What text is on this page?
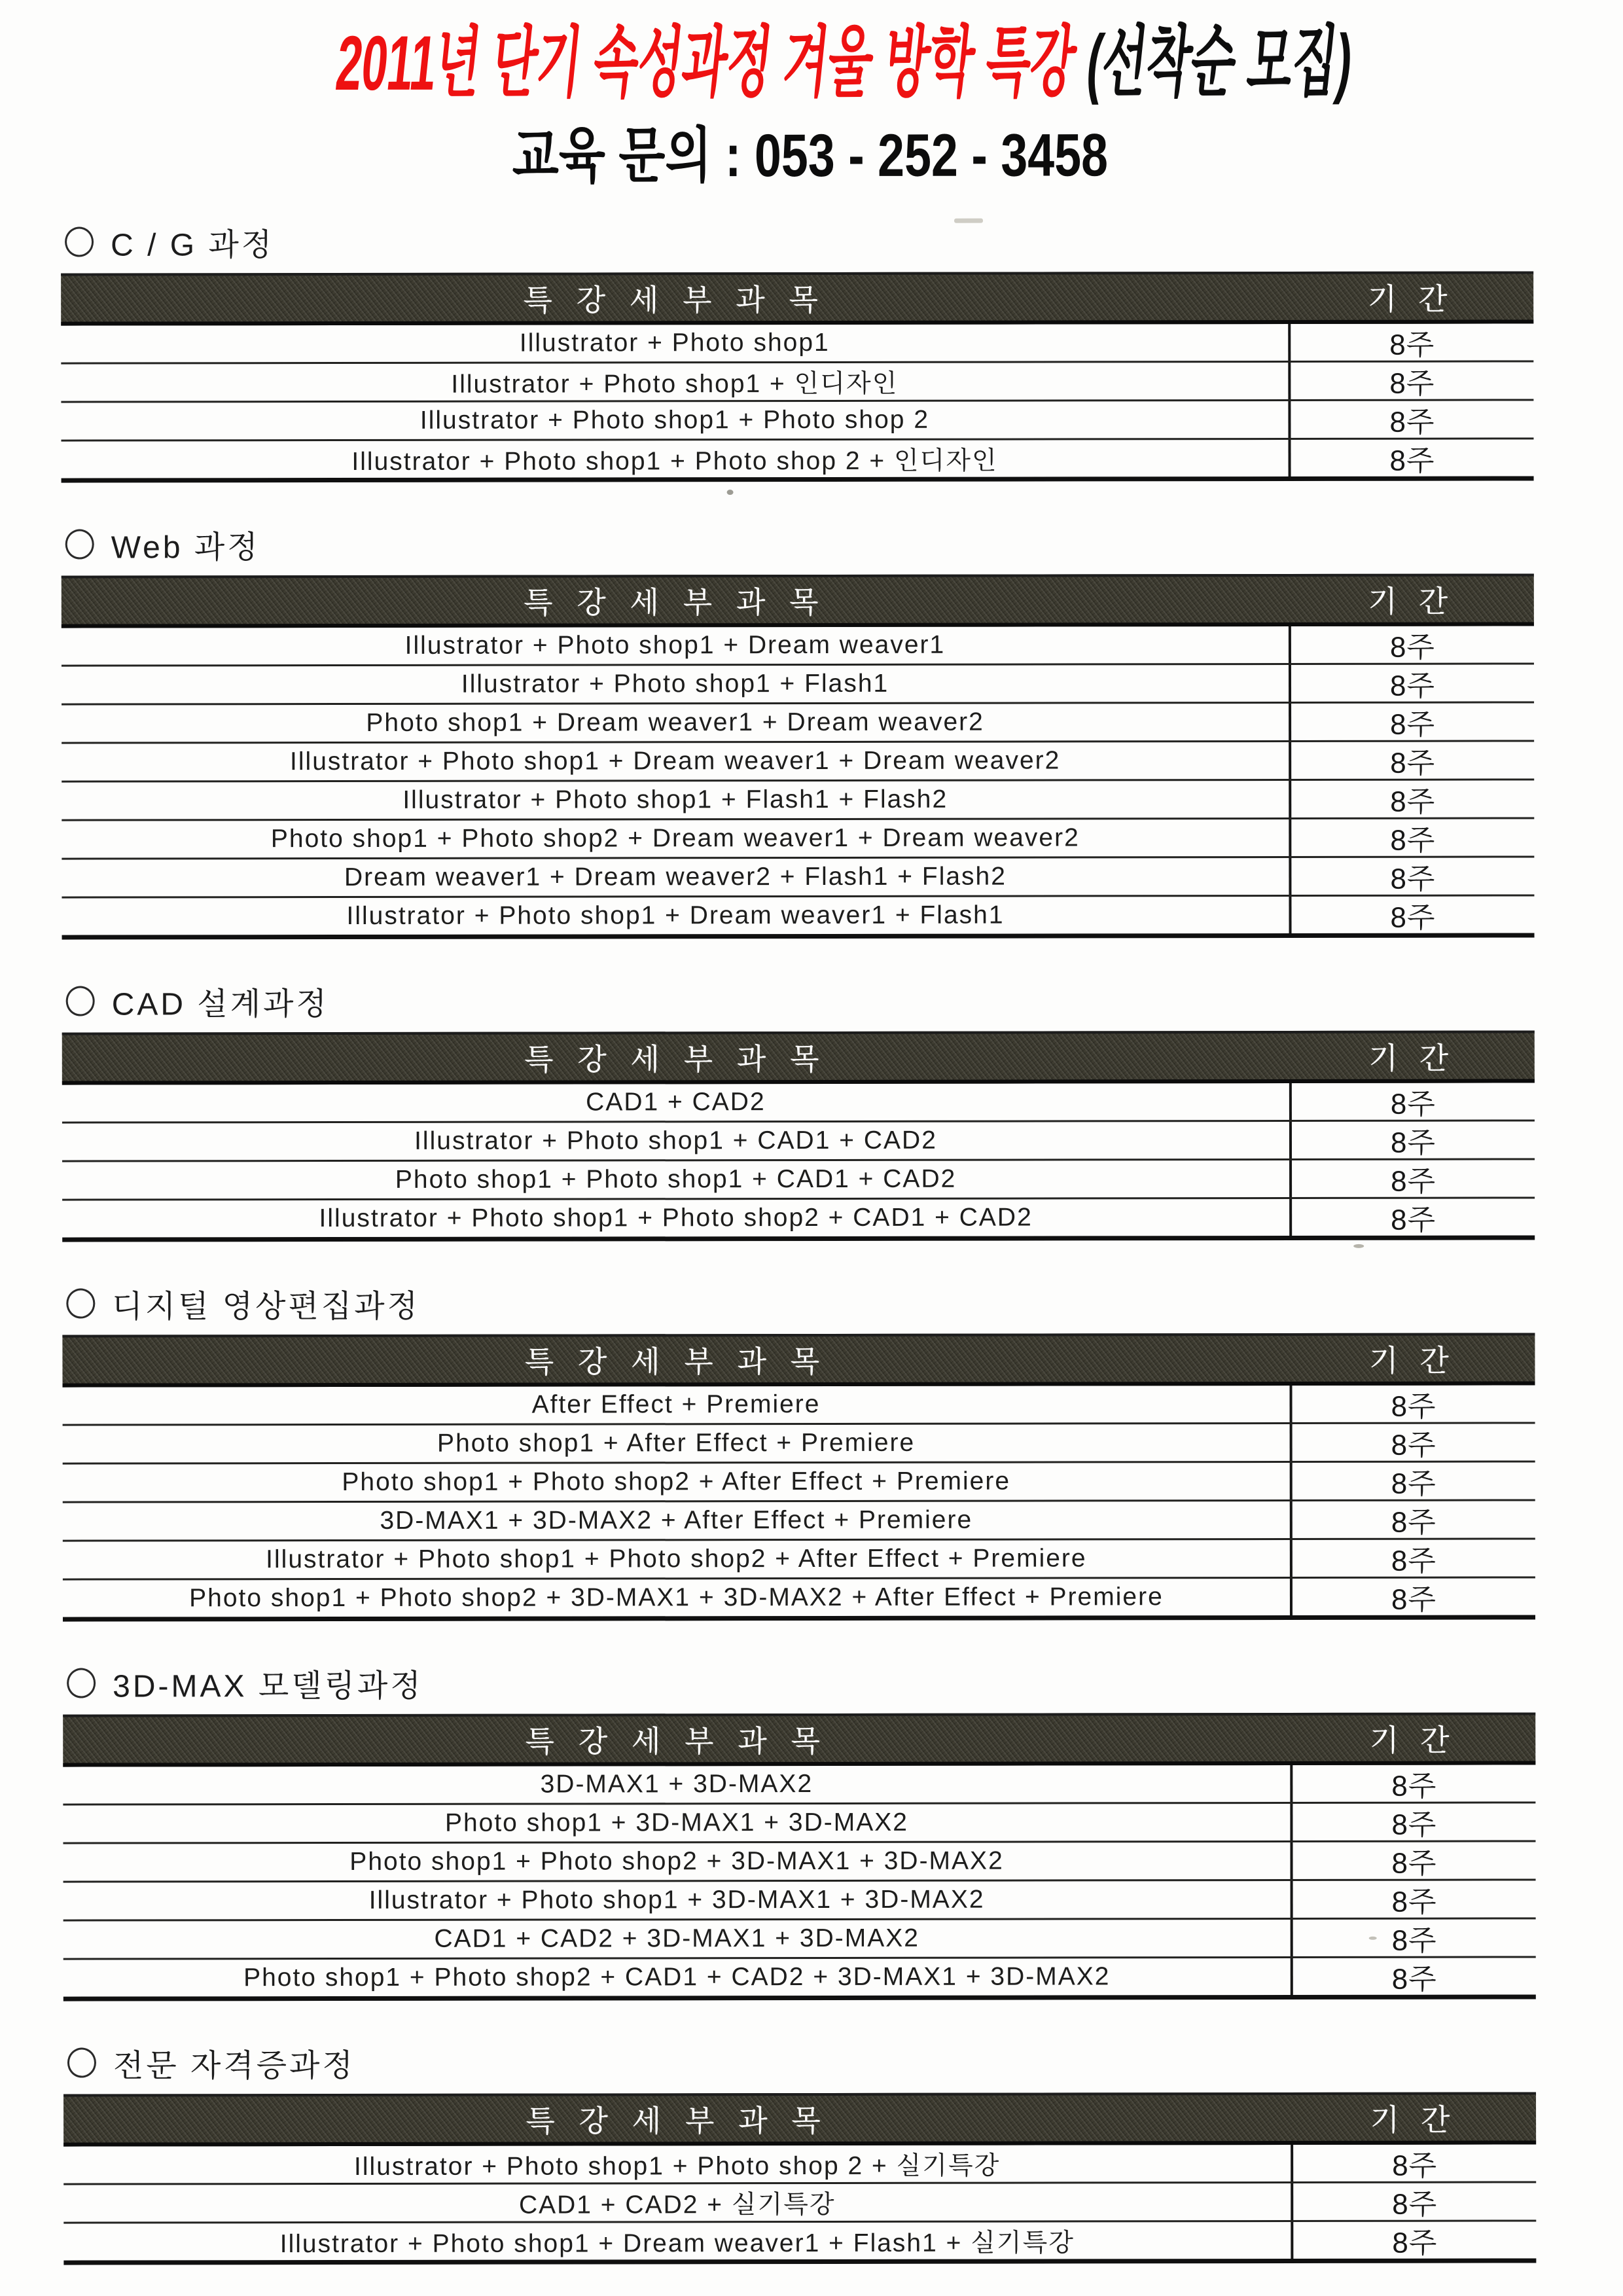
2011년 단기 속성과정 겨울 방학 특강 (선착순 모집)
교육 문의 : 053 - 252 - 3458
C / G 과정
특 강 세 부 과 목	기 간
Illustrator + Photo shop1	8주
Illustrator + Photo shop1 + 인디자인	8주
Illustrator + Photo shop1 + Photo shop 2	8주
Illustrator + Photo shop1 + Photo shop 2 + 인디자인	8주
Web 과정
특 강 세 부 과 목	기 간
Illustrator + Photo shop1 + Dream weaver1	8주
Illustrator + Photo shop1 + Flash1	8주
Photo shop1 + Dream weaver1 + Dream weaver2	8주
Illustrator + Photo shop1 + Dream weaver1 + Dream weaver2	8주
Illustrator + Photo shop1 + Flash1 + Flash2	8주
Photo shop1 + Photo shop2 + Dream weaver1 + Dream weaver2	8주
Dream weaver1 + Dream weaver2 + Flash1 + Flash2	8주
Illustrator + Photo shop1 + Dream weaver1 + Flash1	8주
CAD 설계과정
특 강 세 부 과 목	기 간
CAD1 + CAD2	8주
Illustrator + Photo shop1 + CAD1 + CAD2	8주
Photo shop1 + Photo shop1 + CAD1 + CAD2	8주
Illustrator + Photo shop1 + Photo shop2 + CAD1 + CAD2	8주
디지털 영상편집과정
특 강 세 부 과 목	기 간
After Effect + Premiere	8주
Photo shop1 + After Effect + Premiere	8주
Photo shop1 + Photo shop2 + After Effect + Premiere	8주
3D-MAX1 + 3D-MAX2 + After Effect + Premiere	8주
Illustrator + Photo shop1 + Photo shop2 + After Effect + Premiere	8주
Photo shop1 + Photo shop2 + 3D-MAX1 + 3D-MAX2 + After Effect + Premiere	8주
3D-MAX 모델링과정
특 강 세 부 과 목	기 간
3D-MAX1 + 3D-MAX2	8주
Photo shop1 + 3D-MAX1 + 3D-MAX2	8주
Photo shop1 + Photo shop2 + 3D-MAX1 + 3D-MAX2	8주
Illustrator + Photo shop1 + 3D-MAX1 + 3D-MAX2	8주
CAD1 + CAD2 + 3D-MAX1 + 3D-MAX2	8주
Photo shop1 + Photo shop2 + CAD1 + CAD2 + 3D-MAX1 + 3D-MAX2	8주
전문 자격증과정
특 강 세 부 과 목	기 간
Illustrator + Photo shop1 + Photo shop 2 + 실기특강	8주
CAD1 + CAD2 + 실기특강	8주
Illustrator + Photo shop1 + Dream weaver1 + Flash1 + 실기특강	8주
